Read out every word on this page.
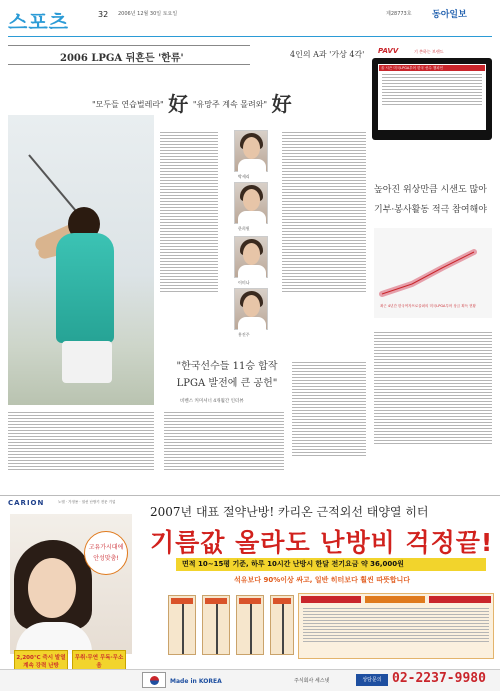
스포츠	32 2006년 12월 30일 토요일	제28773호 동아일보
2006 LPGA 뒤흔든 '한류'	4인의 A과 '가상 4각'
"모두들 연습벌레라" 好 "유망주 계속 몰려와" 好
박세리
한희원
이미나
홍진주
"한국선수들 11승 합작 LPGA 발전에 큰 공헌"
비벤스 커미셔너 4개월간 인터뷰
PAVV	기 쏜하는 브랜드
올 시즌 미국LPGA투어 한국 선수 챔피언
높아진 위상만큼 시샌도 많아 기부·봉사활동 적극 참여해야
최근 4년간 한국여자프로골퍼의 미국LPGA투어 상금 획득 현황
CARION	노엘 · 가정용 · 열선 난방기 전문 기업
2007년 대표 절약난방! 카리온 근적외선 태양열 히터
기름값 올라도 난방비 걱정끝!
면적 10~15평 기준, 하루 10시간 난방시 한달 전기요금 약 36,000원
석유보다 90%이상 싸고, 일반 히터보다 훨씬 따뜻합니다
고유가시대에 안성맞춤!
2,200℃ 즉시 발열 계속 강력 난방
무취·무연 무독·무소음
Made in KOREA	주식회사 세스넷	상담문의 02-2237-9980
